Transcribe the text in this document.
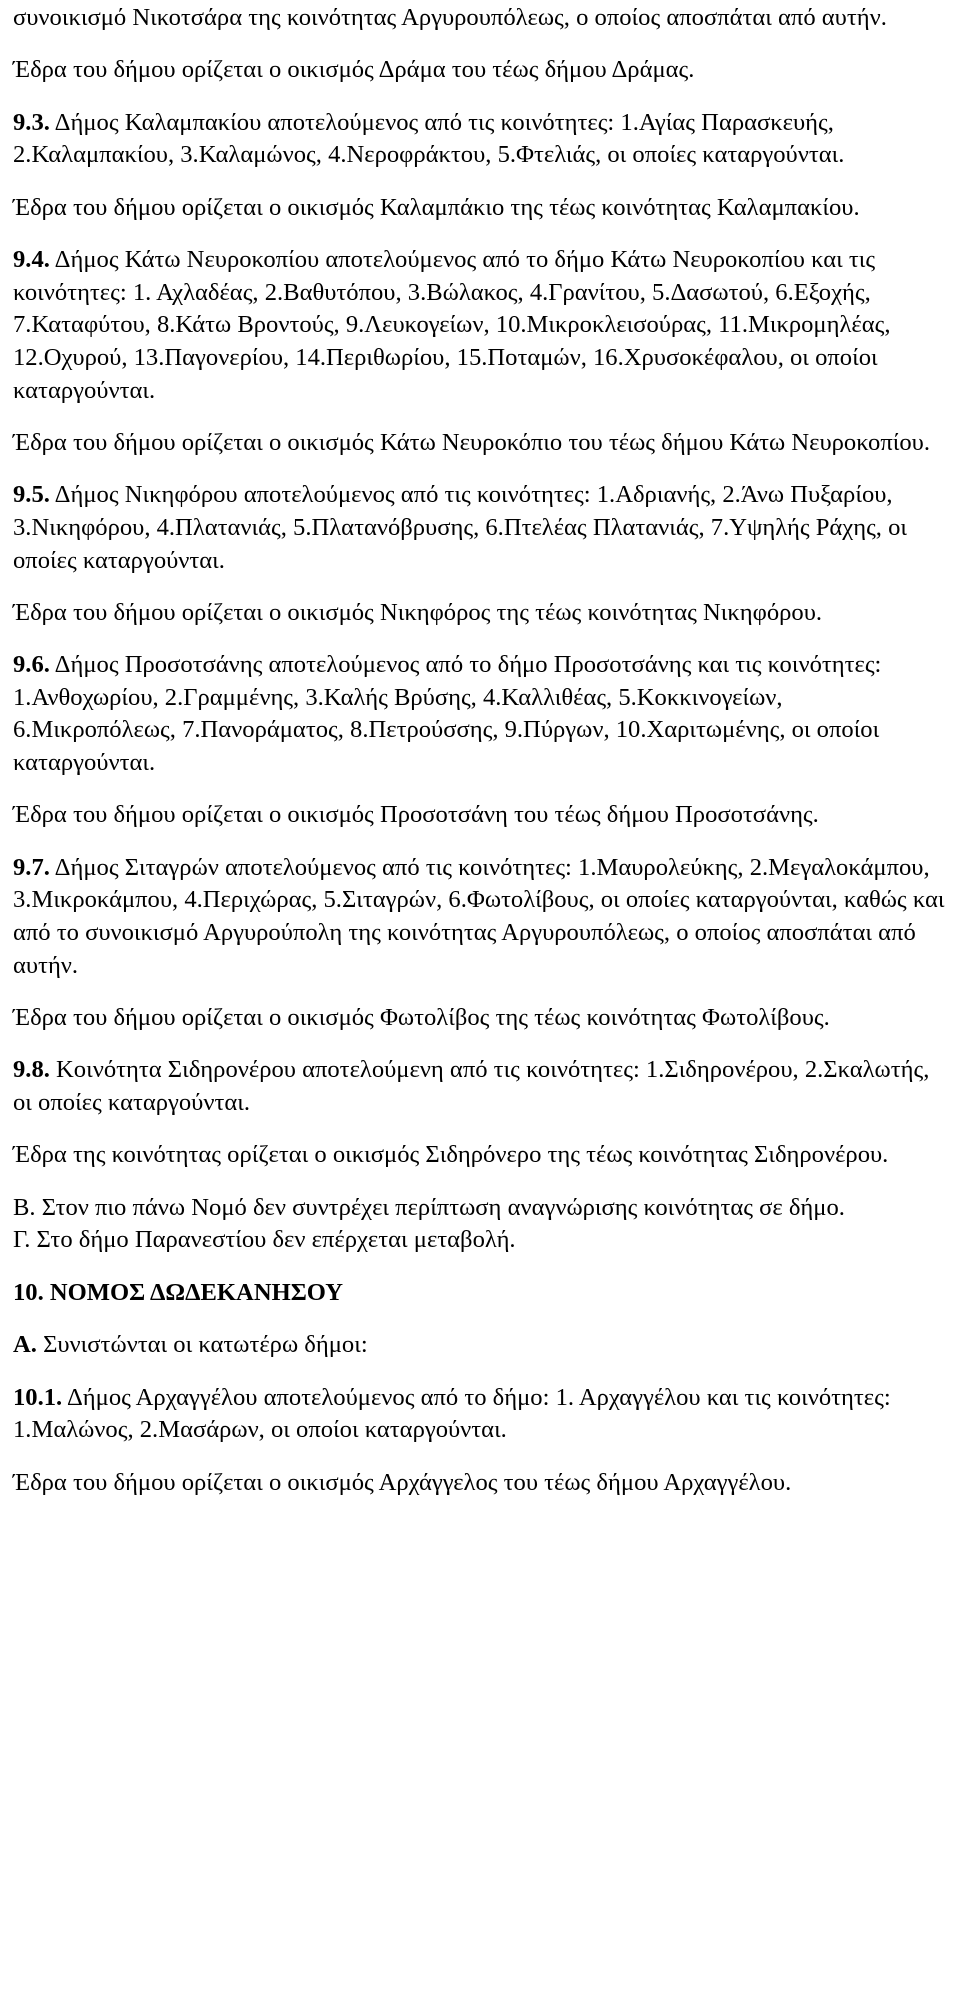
συνοικισμό Νικοτσάρα της κοινότητας Αργυρουπόλεως, ο οποίος αποσπάται από αυτήν.
Έδρα του δήμου ορίζεται ο οικισμός Δράμα του τέως δήμου Δράμας.
9.3. Δήμος Καλαμπακίου αποτελούμενος από τις κοινότητες: 1.Αγίας Παρασκευής, 2.Καλαμπακίου, 3.Καλαμώνος, 4.Νεροφράκτου, 5.Φτελιάς, οι οποίες καταργούνται.
Έδρα του δήμου ορίζεται ο οικισμός Καλαμπάκιο της τέως κοινότητας Καλαμπακίου.
9.4. Δήμος Κάτω Νευροκοπίου αποτελούμενος από το δήμο Κάτω Νευροκοπίου και τις κοινότητες: 1. Αχλαδέας, 2.Βαθυτόπου, 3.Βώλακος, 4.Γρανίτου, 5.Δασωτού, 6.Εξοχής, 7.Καταφύτου, 8.Κάτω Βροντούς, 9.Λευκογείων, 10.Μικροκλεισούρας, 11.Μικρομηλέας, 12.Οχυρού, 13.Παγονερίου, 14.Περιθωρίου, 15.Ποταμών, 16.Χρυσοκέφαλου, οι οποίοι καταργούνται.
Έδρα του δήμου ορίζεται ο οικισμός Κάτω Νευροκόπιο του τέως δήμου Κάτω Νευροκοπίου.
9.5. Δήμος Νικηφόρου αποτελούμενος από τις κοινότητες: 1.Αδριανής, 2.Άνω Πυξαρίου, 3.Νικηφόρου, 4.Πλατανιάς, 5.Πλατανόβρυσης, 6.Πτελέας Πλατανιάς, 7.Υψηλής Ράχης, οι οποίες καταργούνται.
Έδρα του δήμου ορίζεται ο οικισμός Νικηφόρος της τέως κοινότητας Νικηφόρου.
9.6. Δήμος Προσοτσάνης αποτελούμενος από το δήμο Προσοτσάνης και τις κοινότητες: 1.Ανθοχωρίου, 2.Γραμμένης, 3.Καλής Βρύσης, 4.Καλλιθέας, 5.Κοκκινογείων, 6.Μικροπόλεως, 7.Πανοράματος, 8.Πετρούσσης, 9.Πύργων, 10.Χαριτωμένης, οι οποίοι καταργούνται.
Έδρα του δήμου ορίζεται ο οικισμός Προσοτσάνη του τέως δήμου Προσοτσάνης.
9.7. Δήμος Σιταγρών αποτελούμενος από τις κοινότητες: 1.Μαυρολεύκης, 2.Μεγαλοκάμπου, 3.Μικροκάμπου, 4.Περιχώρας, 5.Σιταγρών, 6.Φωτολίβους, οι οποίες καταργούνται, καθώς και από το συνοικισμό Αργυρούπολη της κοινότητας Αργυρουπόλεως, ο οποίος αποσπάται από αυτήν.
Έδρα του δήμου ορίζεται ο οικισμός Φωτολίβος της τέως κοινότητας Φωτολίβους.
9.8. Κοινότητα Σιδηρονέρου αποτελούμενη από τις κοινότητες: 1.Σιδηρονέρου, 2.Σκαλωτής, οι οποίες καταργούνται.
Έδρα της κοινότητας ορίζεται ο οικισμός Σιδηρόνερο της τέως κοινότητας Σιδηρονέρου.
Β. Στον πιο πάνω Νομό δεν συντρέχει περίπτωση αναγνώρισης κοινότητας σε δήμο.
Γ. Στο δήμο Παρανεστίου δεν επέρχεται μεταβολή.
10. ΝΟΜΟΣ ΔΩΔΕΚΑΝΗΣΟΥ
Α. Συνιστώνται οι κατωτέρω δήμοι:
10.1. Δήμος Αρχαγγέλου αποτελούμενος από το δήμο: 1. Αρχαγγέλου και τις κοινότητες: 1.Μαλώνος, 2.Μασάρων, οι οποίοι καταργούνται.
Έδρα του δήμου ορίζεται ο οικισμός Αρχάγγελος του τέως δήμου Αρχαγγέλου.
